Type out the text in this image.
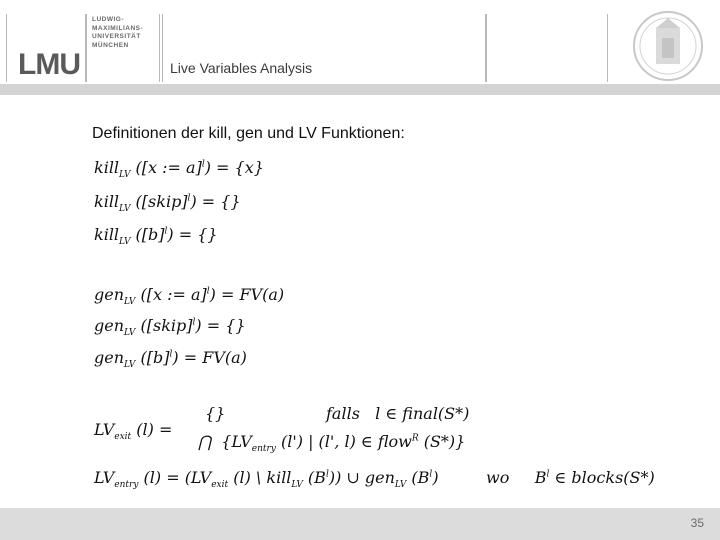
LMU
LUDWIG-
MAXIMILIANS-
UNIVERSITÄT
MÜNCHEN
Live Variables Analysis
Definitionen der kill, gen und LV Funktionen:
kill$_{LV}$ ([x := a]$^l$) = {x}
kill$_{LV}$ ([skip]$^l$) = {}
kill$_{LV}$ $([b]^l)$ = {}
gen$_{LV}$ ([x := a]$^l$) = FV(a)
gen$_{LV}$ ([skip]$^l$) = {}
gen$_{LV}$ $([b]^l) = FV(a)$
$LV_{exit}$ (l) =
{}	falls   l ∈ final(S*)
⋂  {$LV_{entry}$ (l') | (l', l) ∈ flow$^R$ (S*)}
$LV_{entry}$ $(l) = (LV_{exit}$ (l) \ kill$_{LV}$ $(B^l)$) ∪ gen$_{LV}$ $(B^l)$	wo     $B^l$ ∈ blocks(S*)
35
